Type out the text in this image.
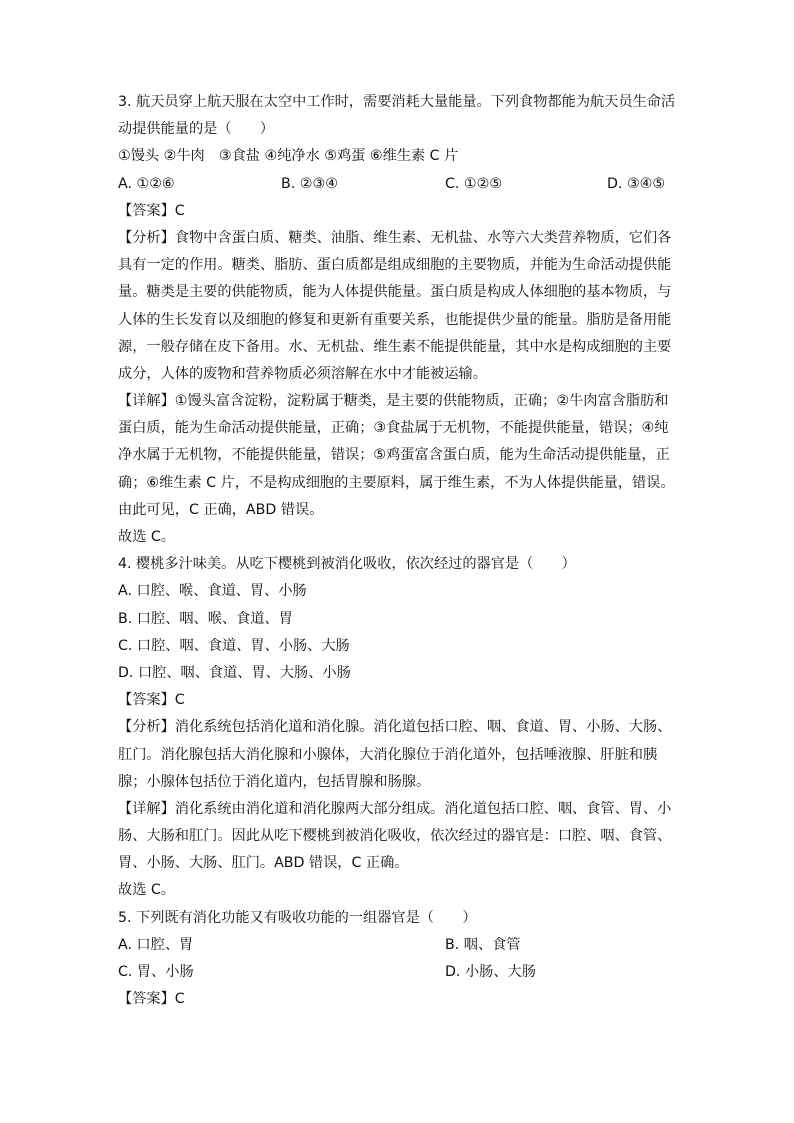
3. 航天员穿上航天服在太空中工作时，需要消耗大量能量。下列食物都能为航天员生命活
动提供能量的是（　　）
①馒头 ②牛肉　③食盐 ④纯净水 ⑤鸡蛋 ⑥维生素 C 片
A. ①②⑥	B. ②③④	C. ①②⑤	D. ③④⑤
【答案】C
【分析】食物中含蛋白质、糖类、油脂、维生素、无机盐、水等六大类营养物质，它们各
具有一定的作用。糖类、脂肪、蛋白质都是组成细胞的主要物质，并能为生命活动提供能
量。糖类是主要的供能物质，能为人体提供能量。蛋白质是构成人体细胞的基本物质，与
人体的生长发育以及细胞的修复和更新有重要关系，也能提供少量的能量。脂肪是备用能
源，一般存储在皮下备用。水、无机盐、维生素不能提供能量，其中水是构成细胞的主要
成分，人体的废物和营养物质必须溶解在水中才能被运输。
【详解】①馒头富含淀粉，淀粉属于糖类，是主要的供能物质，正确；②牛肉富含脂肪和
蛋白质，能为生命活动提供能量，正确；③食盐属于无机物，不能提供能量，错误；④纯
净水属于无机物，不能提供能量，错误；⑤鸡蛋富含蛋白质，能为生命活动提供能量，正
确；⑥维生素 C 片，不是构成细胞的主要原料，属于维生素，不为人体提供能量，错误。
由此可见，C 正确，ABD 错误。
故选 C。
4. 樱桃多汁味美。从吃下樱桃到被消化吸收，依次经过的器官是（　　）
A. 口腔、喉、食道、胃、小肠
B. 口腔、咽、喉、食道、胃
C. 口腔、咽、食道、胃、小肠、大肠
D. 口腔、咽、食道、胃、大肠、小肠
【答案】C
【分析】消化系统包括消化道和消化腺。消化道包括口腔、咽、食道、胃、小肠、大肠、
肛门。消化腺包括大消化腺和小腺体，大消化腺位于消化道外，包括唾液腺、肝脏和胰
腺；小腺体包括位于消化道内，包括胃腺和肠腺。
【详解】消化系统由消化道和消化腺两大部分组成。消化道包括口腔、咽、食管、胃、小
肠、大肠和肛门。因此从吃下樱桃到被消化吸收，依次经过的器官是：口腔、咽、食管、
胃、小肠、大肠、肛门。ABD 错误，C 正确。
故选 C。
5. 下列既有消化功能又有吸收功能的一组器官是（　　）
A. 口腔、胃	B. 咽、食管
C. 胃、小肠	D. 小肠、大肠
【答案】C
